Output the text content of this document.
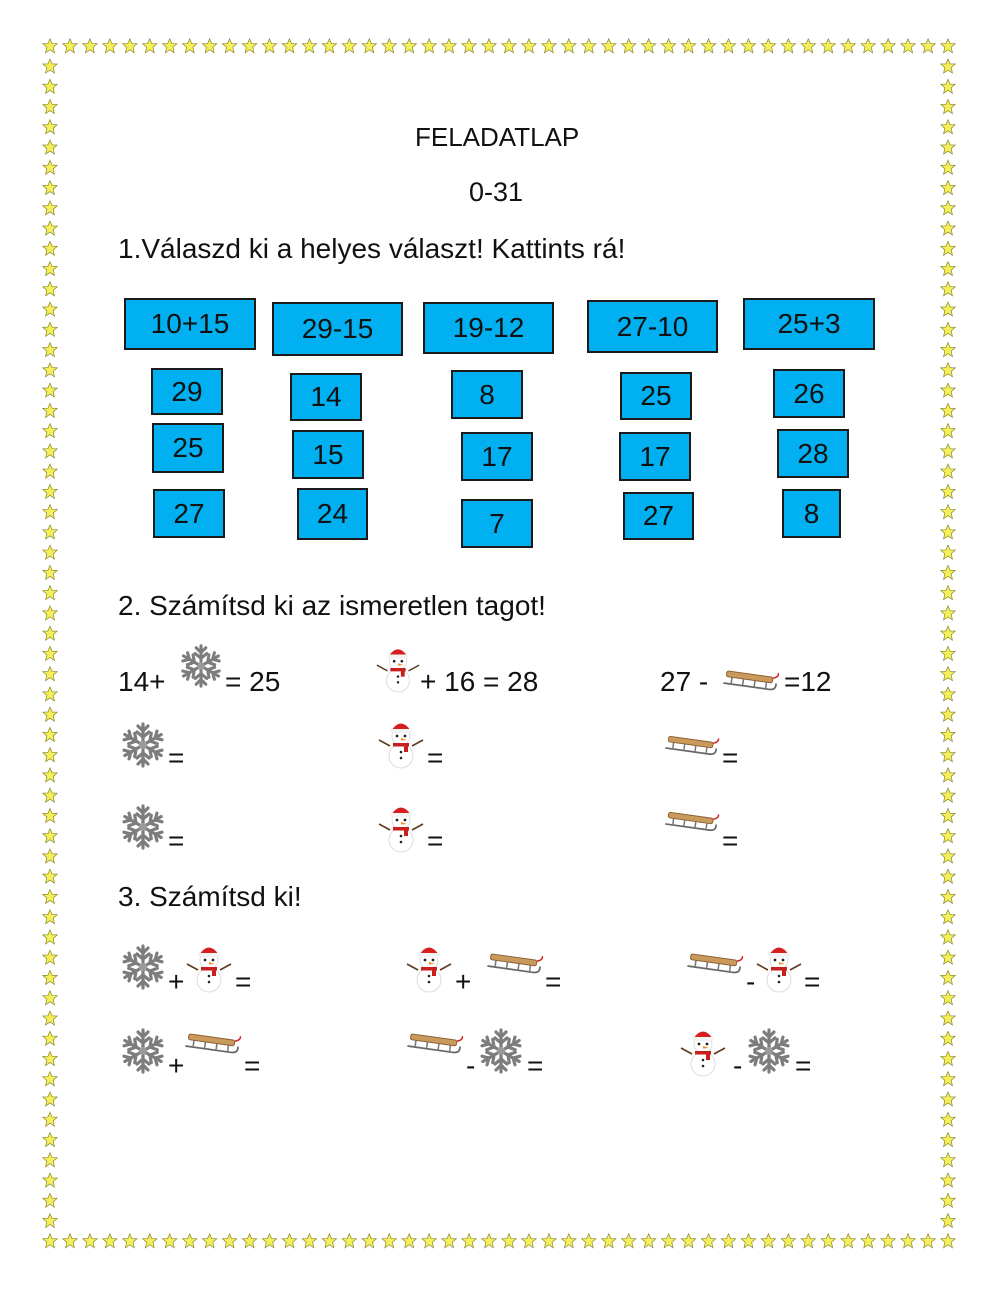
FELADATLAP
0-31
1.Válaszd ki a helyes választ! Kattints rá!
10+15
29
25
27
29-15
14
15
24
19-12
8
17
7
27-10
25
17
27
25+3
26
28
8
2. Számítsd ki az ismeretlen tagot!
14+ = 25	+ 16 = 28	27 -	=12
=	=	=
=	=	=
3. Számítsd ki!
+ =	+	=	- =
+ =	- =	- =
